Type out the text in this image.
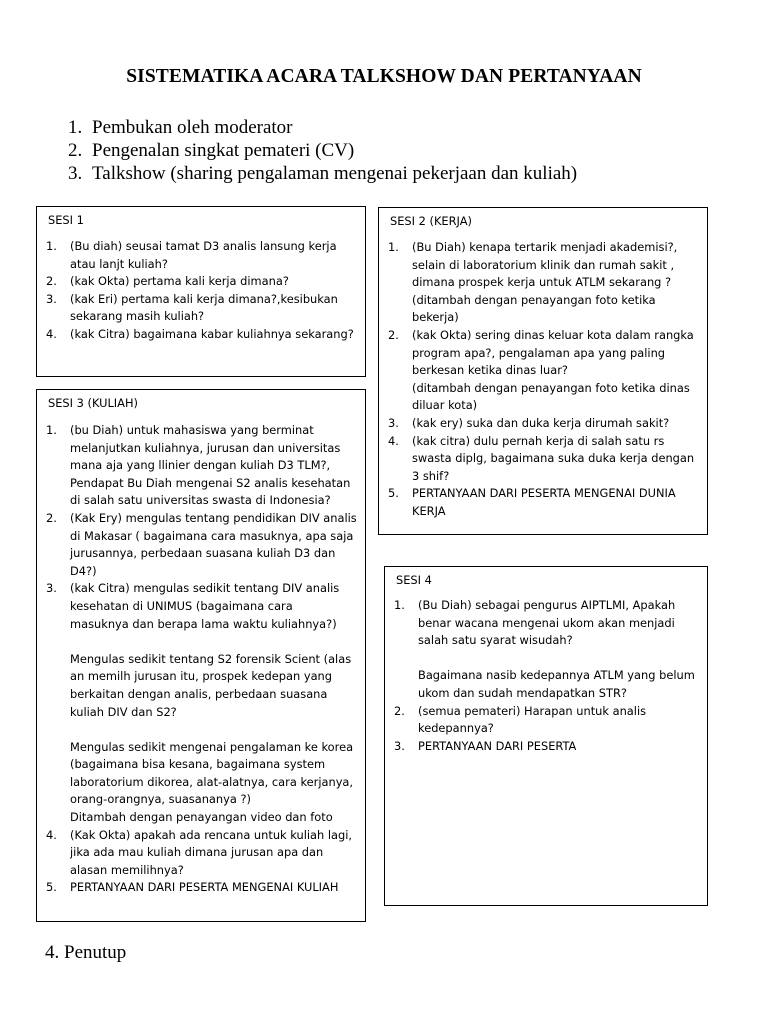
SISTEMATIKA ACARA TALKSHOW DAN PERTANYAAN
1. Pembukan oleh moderator
2. Pengenalan singkat pemateri (CV)
3. Talkshow (sharing pengalaman mengenai pekerjaan dan kuliah)
SESI 1
1.	(Bu diah) seusai tamat D3 analis lansung kerja
atau lanjt kuliah?
2.	(kak Okta) pertama kali kerja dimana?
3.	(kak Eri) pertama kali kerja dimana?,kesibukan
sekarang masih kuliah?
4.	(kak Citra) bagaimana kabar kuliahnya sekarang?
SESI 2 (KERJA)
1.	(Bu Diah) kenapa tertarik menjadi akademisi?,
selain di laboratorium klinik dan rumah sakit ,
dimana prospek kerja untuk ATLM sekarang ?
(ditambah dengan penayangan foto ketika
bekerja)
2.	(kak Okta) sering dinas keluar kota dalam rangka
program apa?, pengalaman apa yang paling
berkesan ketika dinas luar?
(ditambah dengan penayangan foto ketika dinas
diluar kota)
3.	(kak ery) suka dan duka kerja dirumah sakit?
4.	(kak citra) dulu pernah kerja di salah satu rs
swasta diplg, bagaimana suka duka kerja dengan
3 shif?
5.	PERTANYAAN DARI PESERTA MENGENAI DUNIA
KERJA
SESI 3 (KULIAH)
1.	(bu Diah) untuk mahasiswa yang berminat
melanjutkan kuliahnya, jurusan dan universitas
mana aja yang llinier dengan kuliah D3 TLM?,
Pendapat Bu Diah mengenai S2 analis kesehatan
di salah satu universitas swasta di Indonesia?
2.	(Kak Ery) mengulas tentang pendidikan DIV analis
di Makasar ( bagaimana cara masuknya, apa saja
jurusannya, perbedaan suasana kuliah D3 dan
D4?)
3.	(kak Citra) mengulas sedikit tentang DIV analis
kesehatan di UNIMUS (bagaimana cara
masuknya dan berapa lama waktu kuliahnya?)

Mengulas sedikit tentang S2 forensik Scient (alas
an memilh jurusan itu, prospek kedepan yang
berkaitan dengan analis, perbedaan suasana
kuliah DIV dan S2?

Mengulas sedikit mengenai pengalaman ke korea
(bagaimana bisa kesana, bagaimana system
laboratorium dikorea, alat-alatnya, cara kerjanya,
orang-orangnya, suasananya ?)
Ditambah dengan penayangan video dan foto

4.	(Kak Okta) apakah ada rencana untuk kuliah lagi,
jika ada mau kuliah dimana jurusan apa dan
alasan memilihnya?
5.	PERTANYAAN DARI PESERTA MENGENAI KULIAH
SESI 4
1.	(Bu Diah) sebagai pengurus AIPTLMI, Apakah
benar wacana mengenai ukom akan menjadi
salah satu syarat wisudah?

Bagaimana nasib kedepannya ATLM yang belum
ukom dan sudah mendapatkan STR?

2.	(semua pemateri) Harapan untuk analis
kedepannya?

3.	PERTANYAAN DARI PESERTA
4. Penutup
